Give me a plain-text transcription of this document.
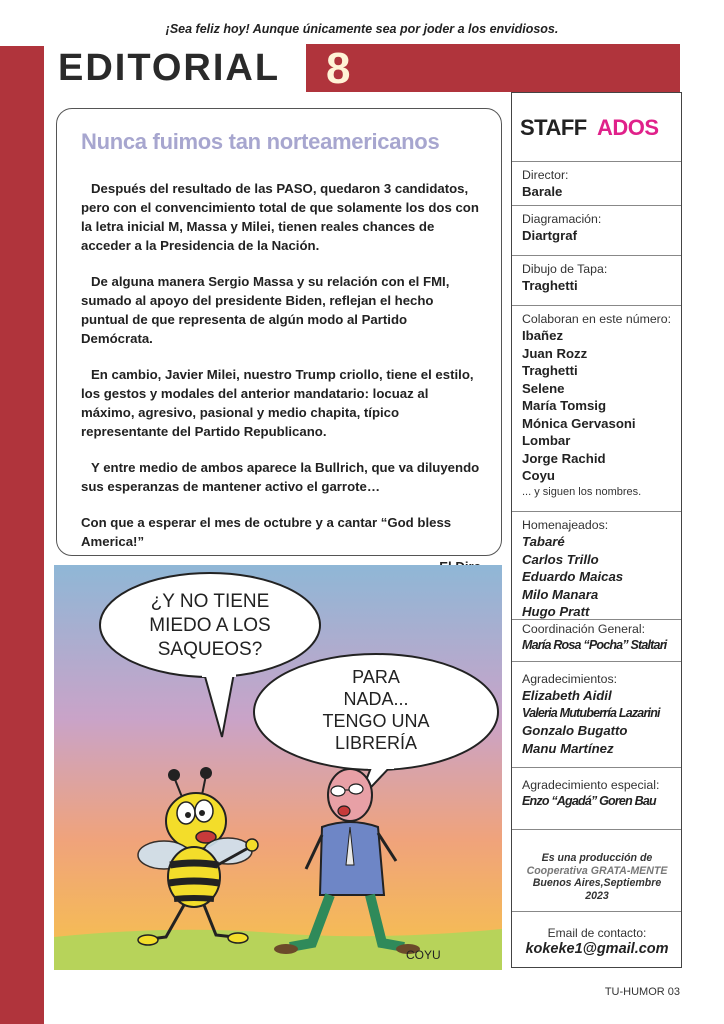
¡Sea feliz hoy! Aunque únicamente sea por joder a los envidiosos.
EDITORIAL 8
Nunca fuimos tan norteamericanos

Después del resultado de las PASO, quedaron 3 candidatos, pero con el convencimiento total de que solamente los dos con la letra inicial M, Massa y Milei, tienen reales chances de acceder a la Presidencia de la Nación.

De alguna manera Sergio Massa y su relación con el FMI, sumado al apoyo del presidente Biden, reflejan el hecho puntual de que representa de algún modo al Partido Demócrata.

En cambio, Javier Milei, nuestro Trump criollo, tiene el estilo, los gestos y modales del anterior mandatario: locuaz al máximo, agresivo, pasional y medio chapita, típico representante del Partido Republicano.

Y entre medio de ambos aparece la Bullrich, que va diluyendo sus esperanzas de mantener activo el garrote…

Con que a esperar el mes de octubre y a cantar “God bless America!”

¿Y NO TIENE
MIEDO A LOS
SAQUEOS?
PARA
NADA...
TENGO UNA
LIBRERÍA
COYU
STAFF ADOS
Director:
Barale
Diagramación:
Diartgraf
Dibujo de Tapa:
Traghetti
Colaboran en este número:
Ibañez
Juan Rozz
Traghetti
Selene
María Tomsig
Mónica Gervasoni
Lombar
Jorge Rachid
Coyu
... y siguen los nombres.
Homenajeados:
Tabaré
Carlos Trillo
Eduardo Maicas
Milo Manara
Hugo Pratt
Coordinación General:
María Rosa “Pocha” Staltari
Agradecimientos:
Elizabeth Aidil
Valeria Mutuberría Lazarini
Gonzalo Bugatto
Manu Martínez
Agradecimiento especial:
Enzo “Agadá” Goren Bau
Es una producción de
Cooperativa GRATA-MENTE
Buenos Aires,Septiembre
2023
Email de contacto:
kokeke1@gmail.com
TU-HUMOR 03
